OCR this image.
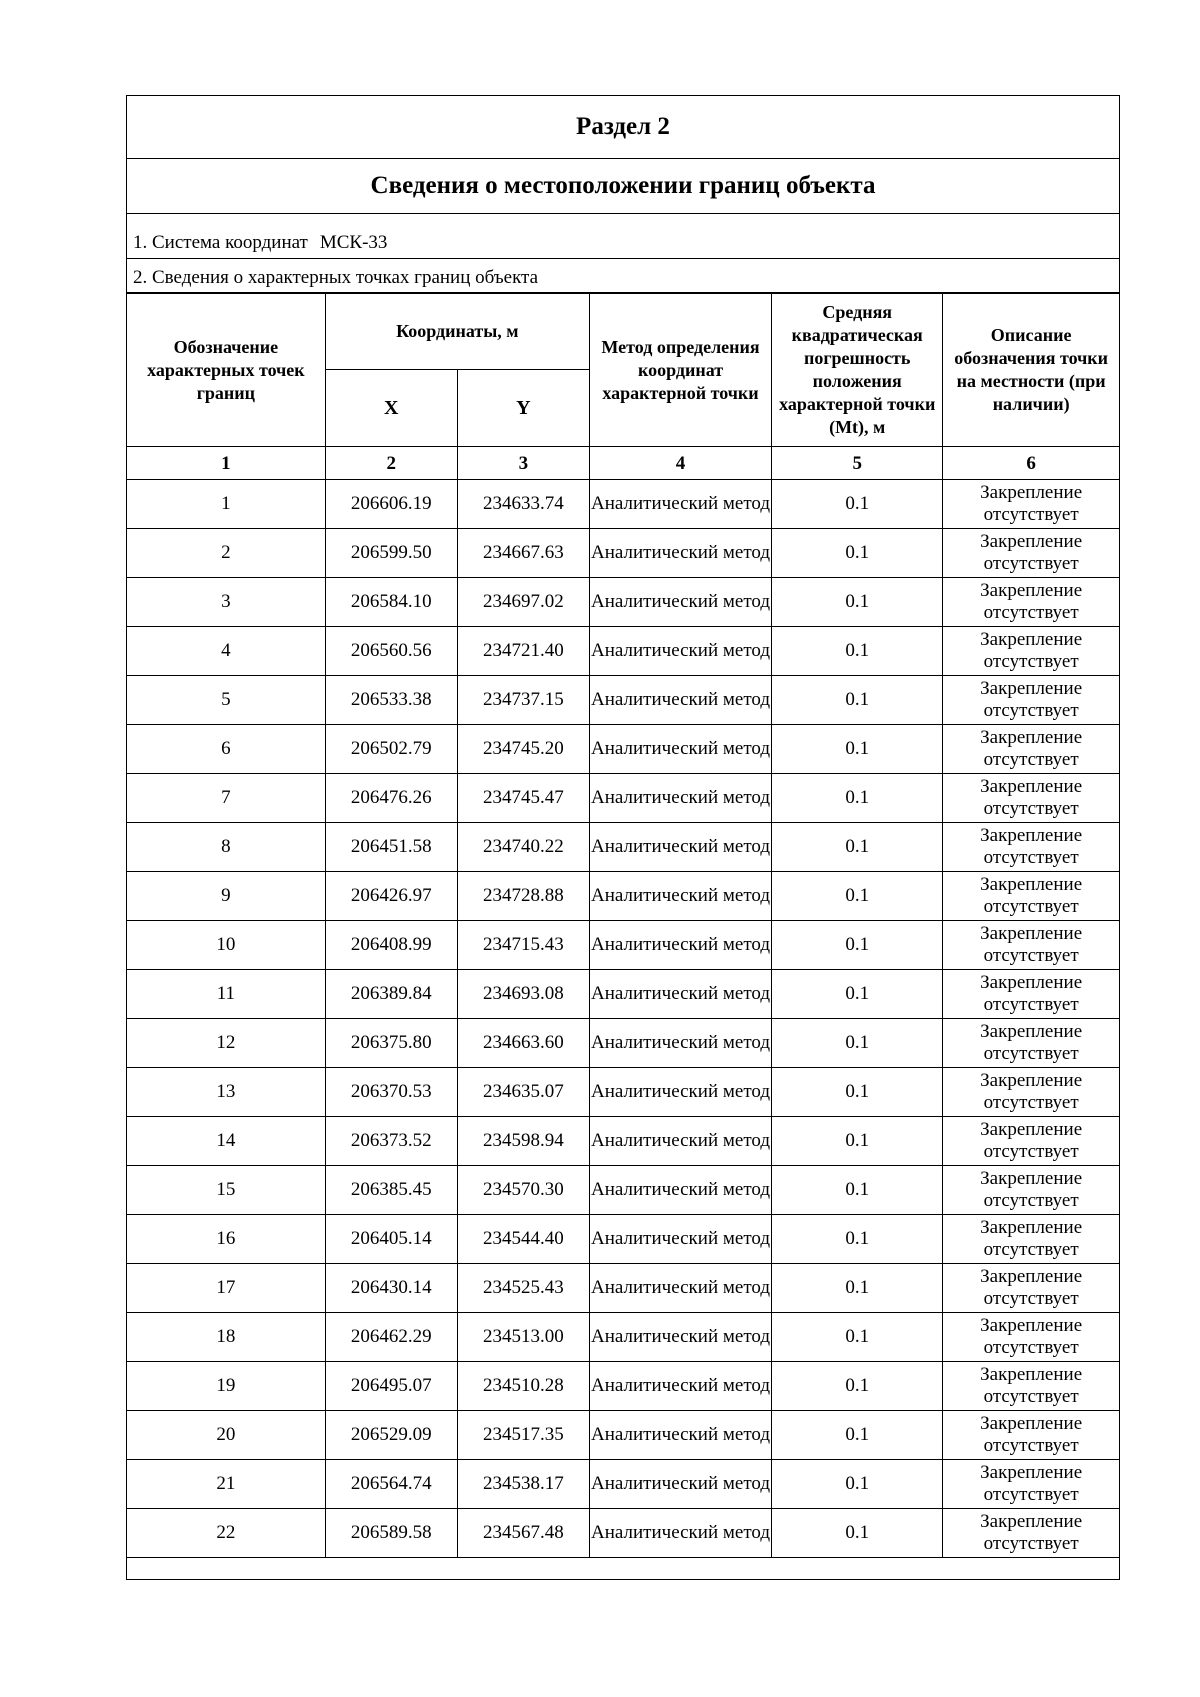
Раздел 2
Сведения о местоположении границ объекта
1. Система координат МСК-33
2. Сведения о характерных точках границ объекта
Обозначение характерных точек границ	Координаты, м		Метод определения координат характерной точки	Средняя квадратическая погрешность положения характерной точки (Mt), м	Описание обозначения точки на местности (при наличии)
	X	Y			
1	2	3	4	5	6
1	206606.19	234633.74	Аналитический метод	0.1	Закрепление отсутствует
2	206599.50	234667.63	Аналитический метод	0.1	Закрепление отсутствует
3	206584.10	234697.02	Аналитический метод	0.1	Закрепление отсутствует
4	206560.56	234721.40	Аналитический метод	0.1	Закрепление отсутствует
5	206533.38	234737.15	Аналитический метод	0.1	Закрепление отсутствует
6	206502.79	234745.20	Аналитический метод	0.1	Закрепление отсутствует
7	206476.26	234745.47	Аналитический метод	0.1	Закрепление отсутствует
8	206451.58	234740.22	Аналитический метод	0.1	Закрепление отсутствует
9	206426.97	234728.88	Аналитический метод	0.1	Закрепление отсутствует
10	206408.99	234715.43	Аналитический метод	0.1	Закрепление отсутствует
11	206389.84	234693.08	Аналитический метод	0.1	Закрепление отсутствует
12	206375.80	234663.60	Аналитический метод	0.1	Закрепление отсутствует
13	206370.53	234635.07	Аналитический метод	0.1	Закрепление отсутствует
14	206373.52	234598.94	Аналитический метод	0.1	Закрепление отсутствует
15	206385.45	234570.30	Аналитический метод	0.1	Закрепление отсутствует
16	206405.14	234544.40	Аналитический метод	0.1	Закрепление отсутствует
17	206430.14	234525.43	Аналитический метод	0.1	Закрепление отсутствует
18	206462.29	234513.00	Аналитический метод	0.1	Закрепление отсутствует
19	206495.07	234510.28	Аналитический метод	0.1	Закрепление отсутствует
20	206529.09	234517.35	Аналитический метод	0.1	Закрепление отсутствует
21	206564.74	234538.17	Аналитический метод	0.1	Закрепление отсутствует
22	206589.58	234567.48	Аналитический метод	0.1	Закрепление отсутствует
